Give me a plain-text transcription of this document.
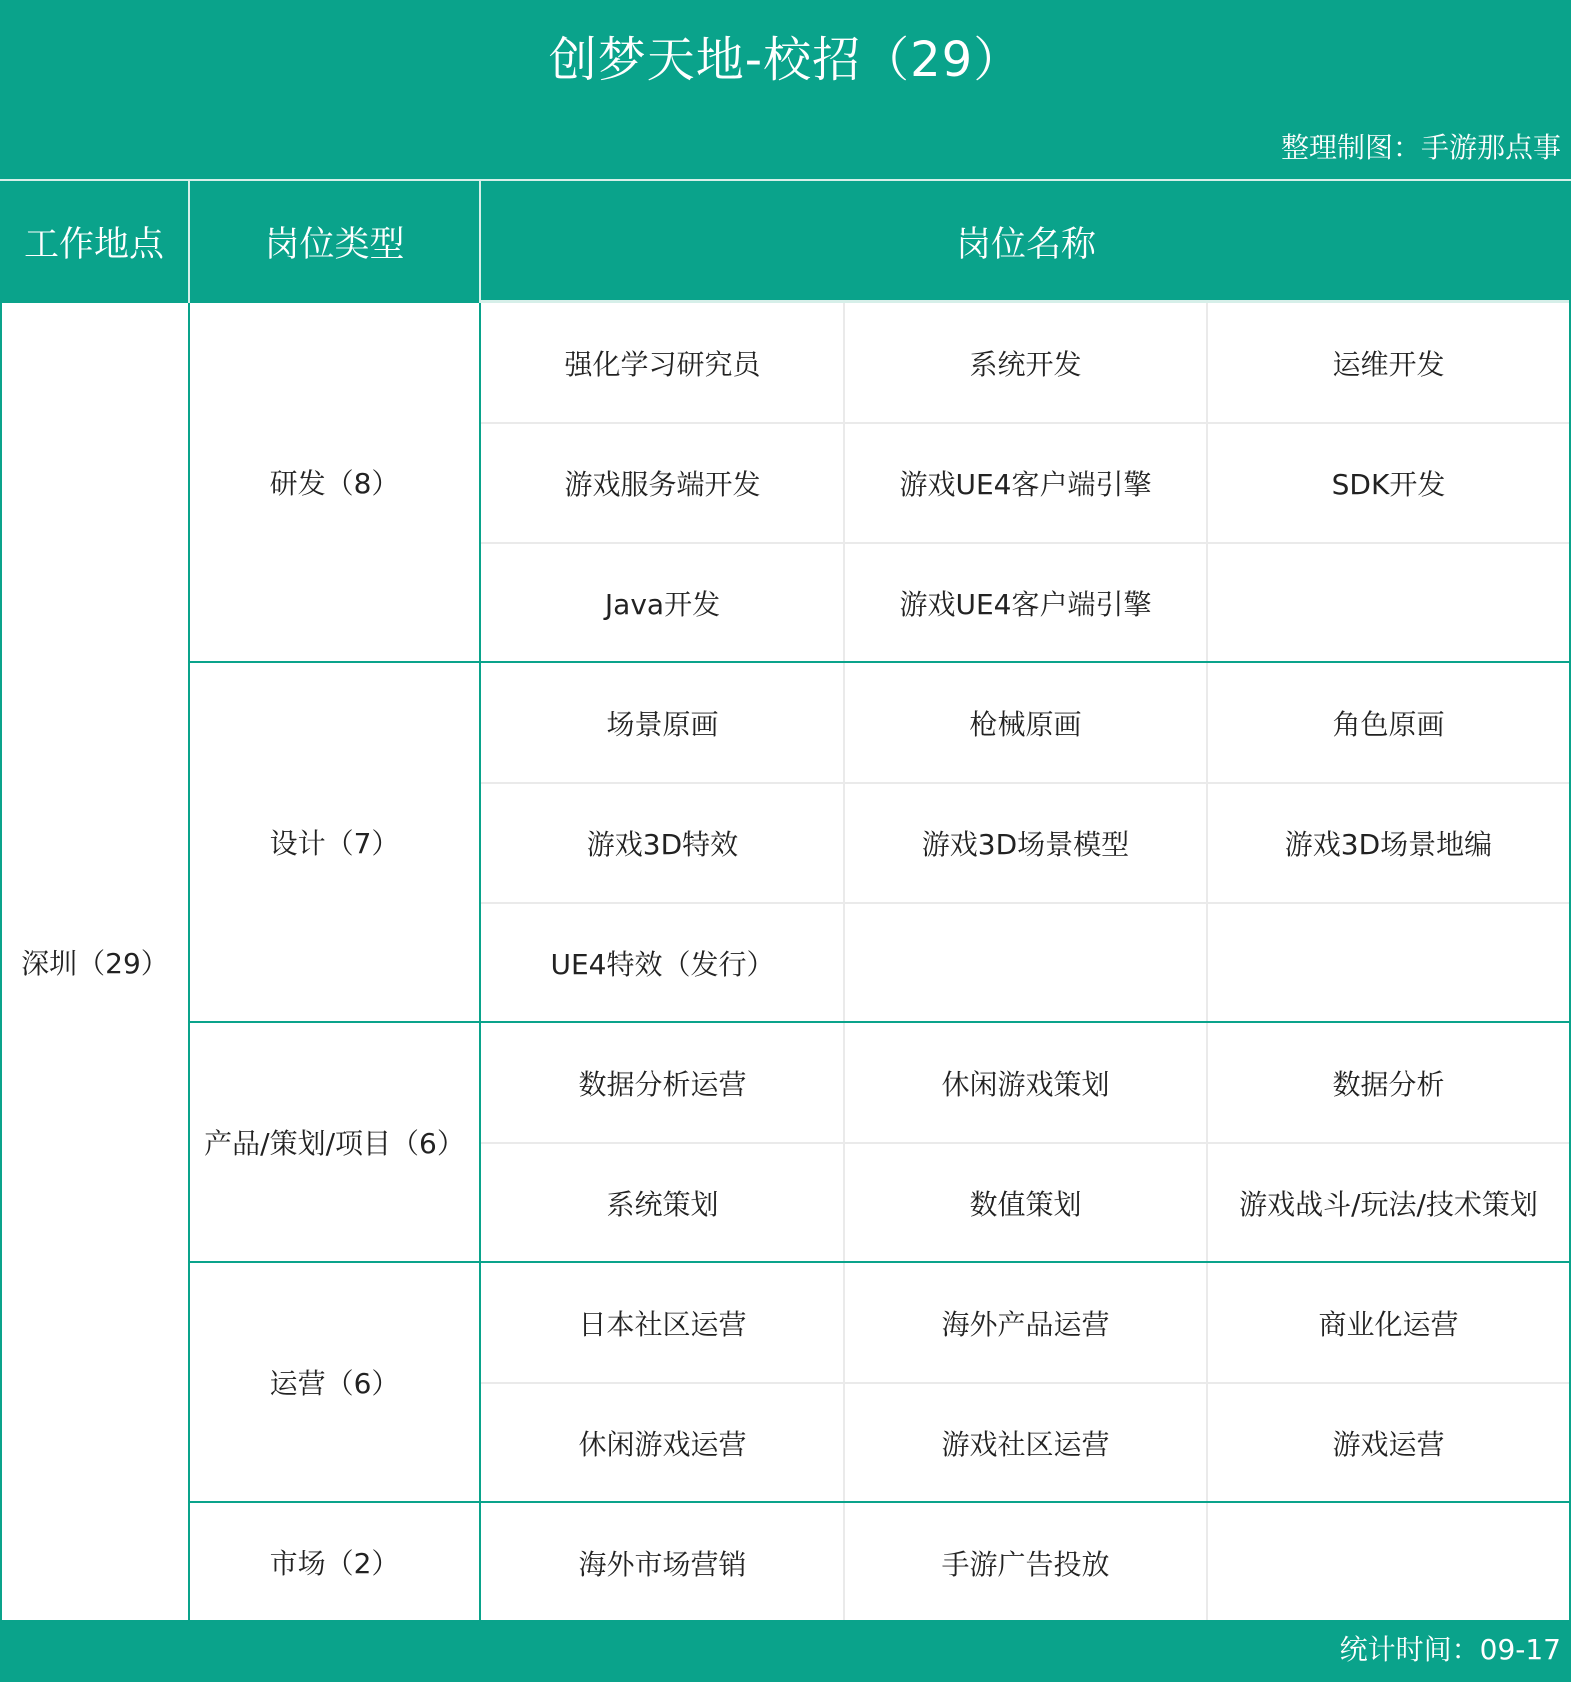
创梦天地-校招（29）
整理制图：手游那点事
工作地点	岗位类型	岗位名称
深圳（29）
研发（8）
强化学习研究员	系统开发	运维开发
游戏服务端开发	游戏UE4客户端引擎	SDK开发
Java开发	游戏UE4客户端引擎
设计（7）
场景原画	枪械原画	角色原画
游戏3D特效	游戏3D场景模型	游戏3D场景地编
UE4特效（发行）
产品/策划/项目（6）
数据分析运营	休闲游戏策划	数据分析
系统策划	数值策划	游戏战斗/玩法/技术策划
运营（6）
日本社区运营	海外产品运营	商业化运营
休闲游戏运营	游戏社区运营	游戏运营
市场（2）	海外市场营销	手游广告投放
统计时间：09-17
